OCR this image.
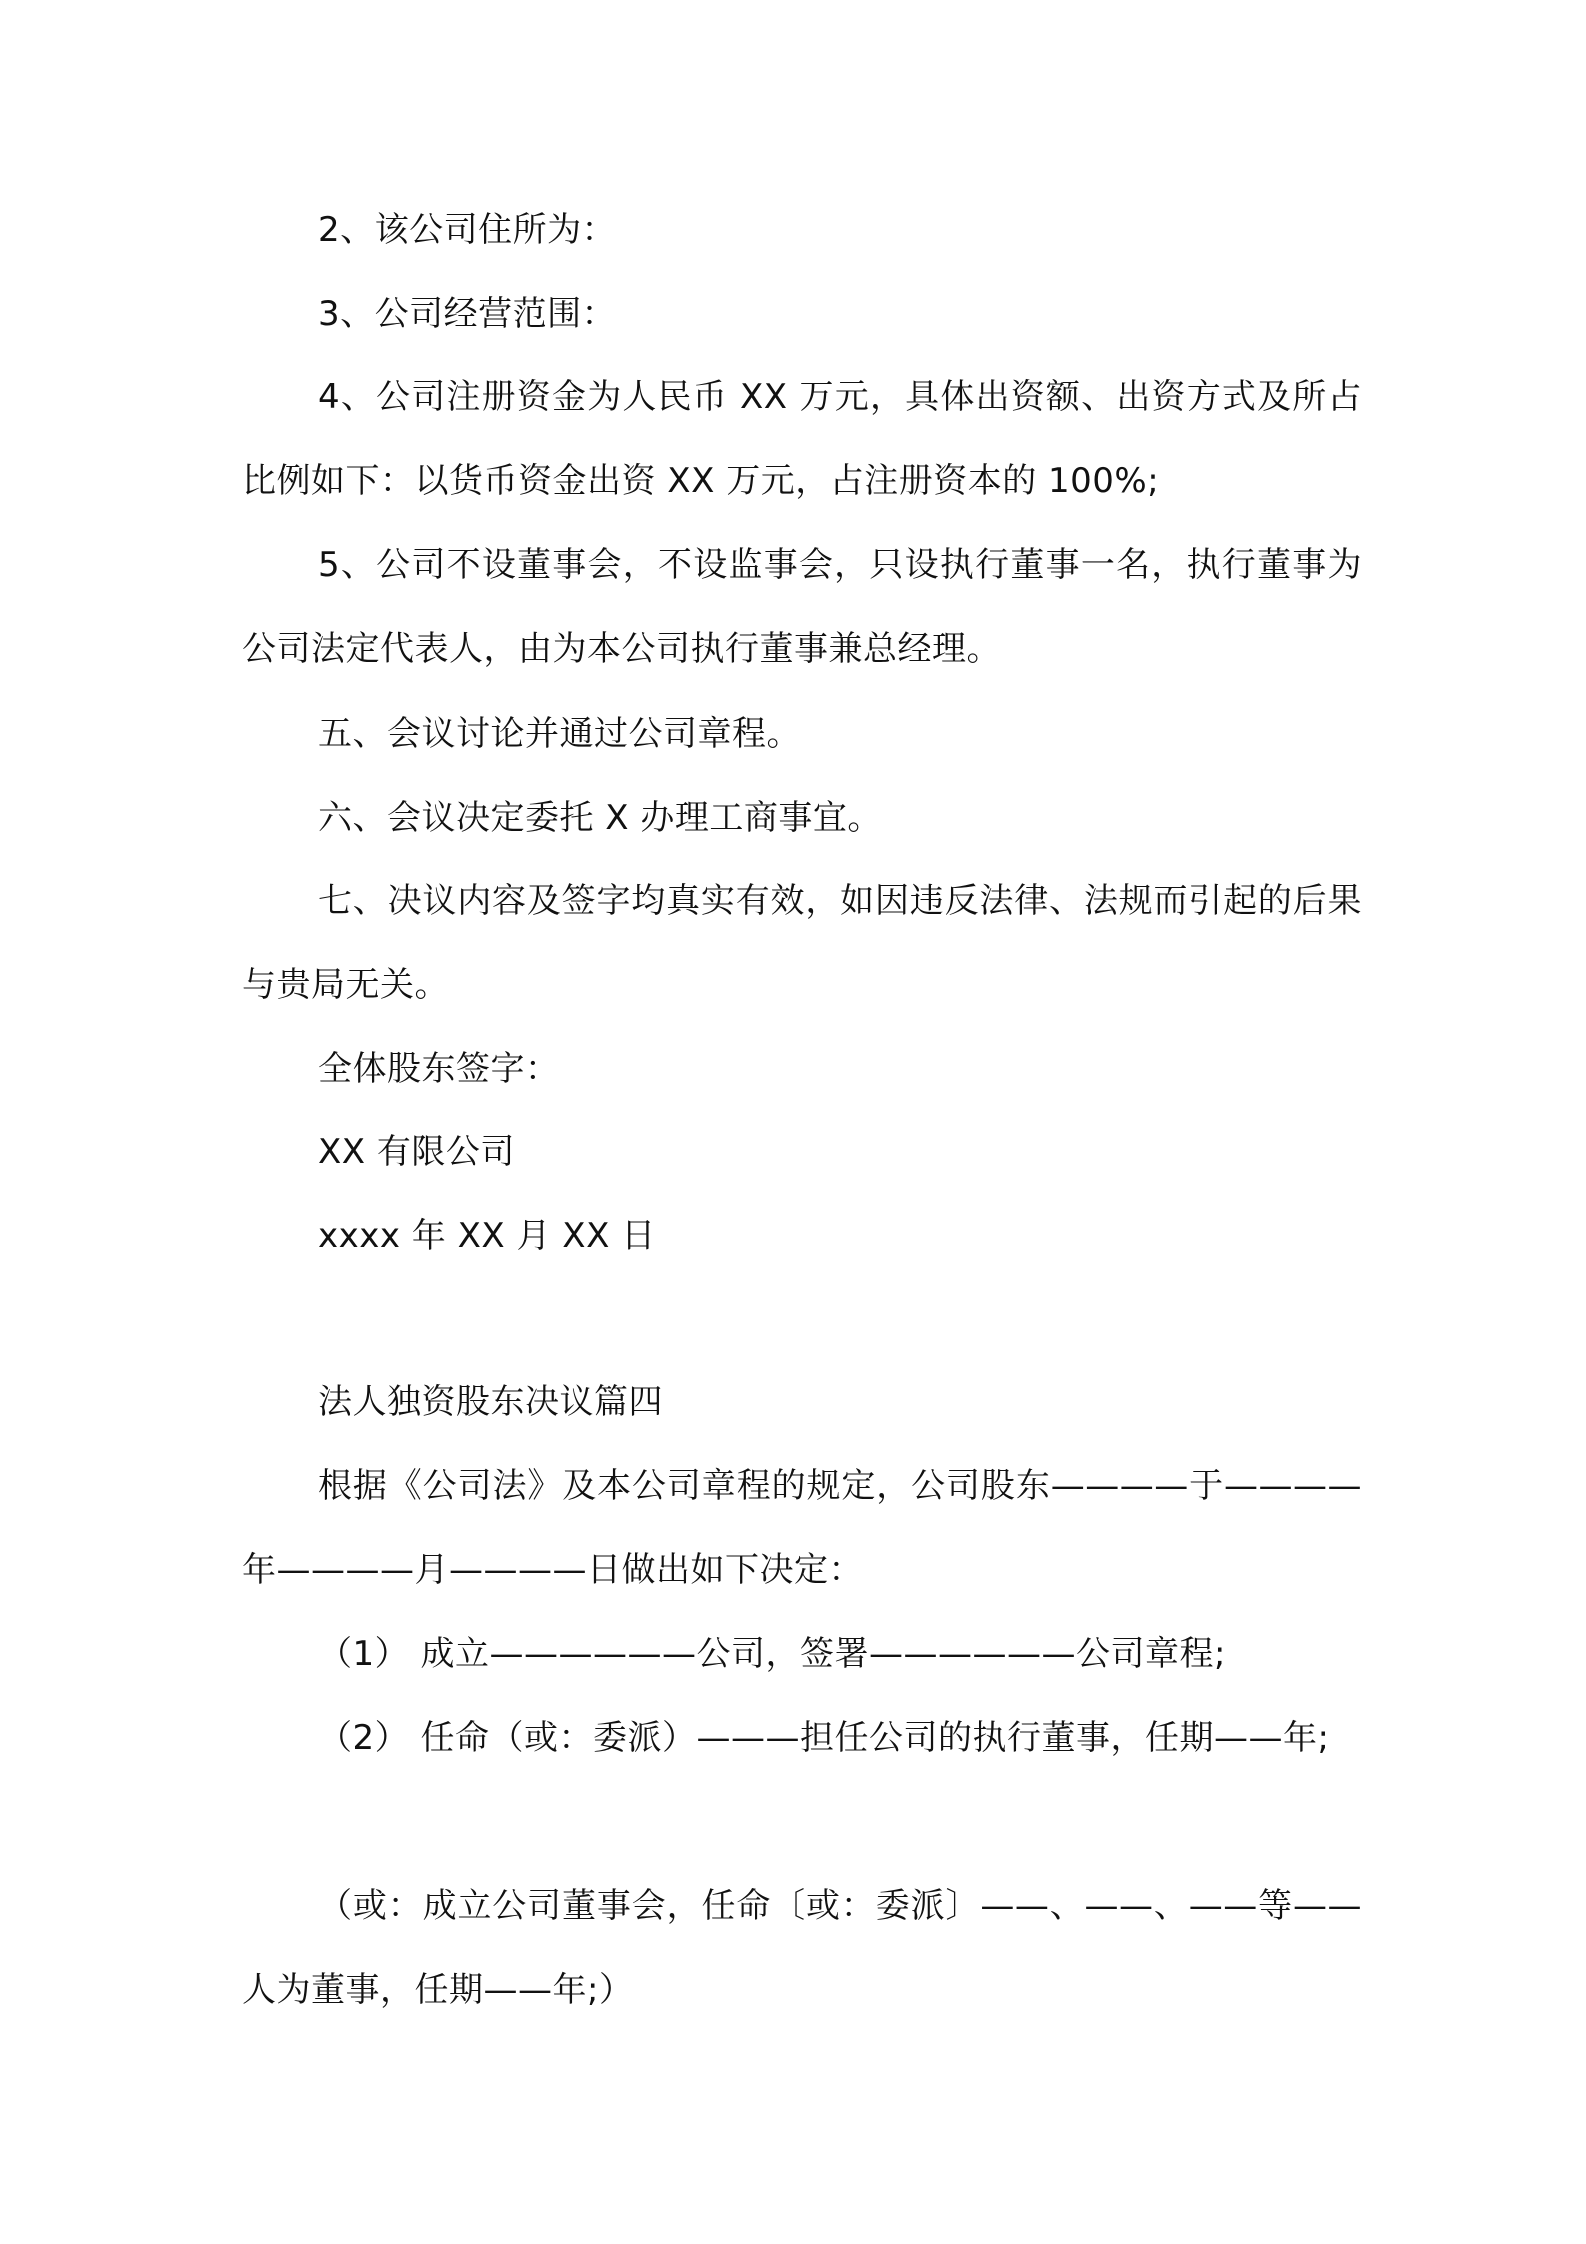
2、该公司住所为：

3、公司经营范围：

4、公司注册资金为人民币 XX 万元，具体出资额、出资方式及所占比例如下：以货币资金出资 XX 万元，占注册资本的 100%;

5、公司不设董事会，不设监事会，只设执行董事一名，执行董事为公司法定代表人，由为本公司执行董事兼总经理。

五、会议讨论并通过公司章程。

六、会议决定委托 X 办理工商事宜。

七、决议内容及签字均真实有效，如因违反法律、法规而引起的后果与贵局无关。

全体股东签字：

XX 有限公司

xxxx 年 XX 月 XX 日

法人独资股东决议篇四

根据《公司法》及本公司章程的规定，公司股东————于————年————月————日做出如下决定：

（1） 成立——————公司，签署——————公司章程;

（2） 任命（或：委派）———担任公司的执行董事，任期——年;

（或：成立公司董事会，任命〔或：委派〕——、——、——等——人为董事，任期——年;）
